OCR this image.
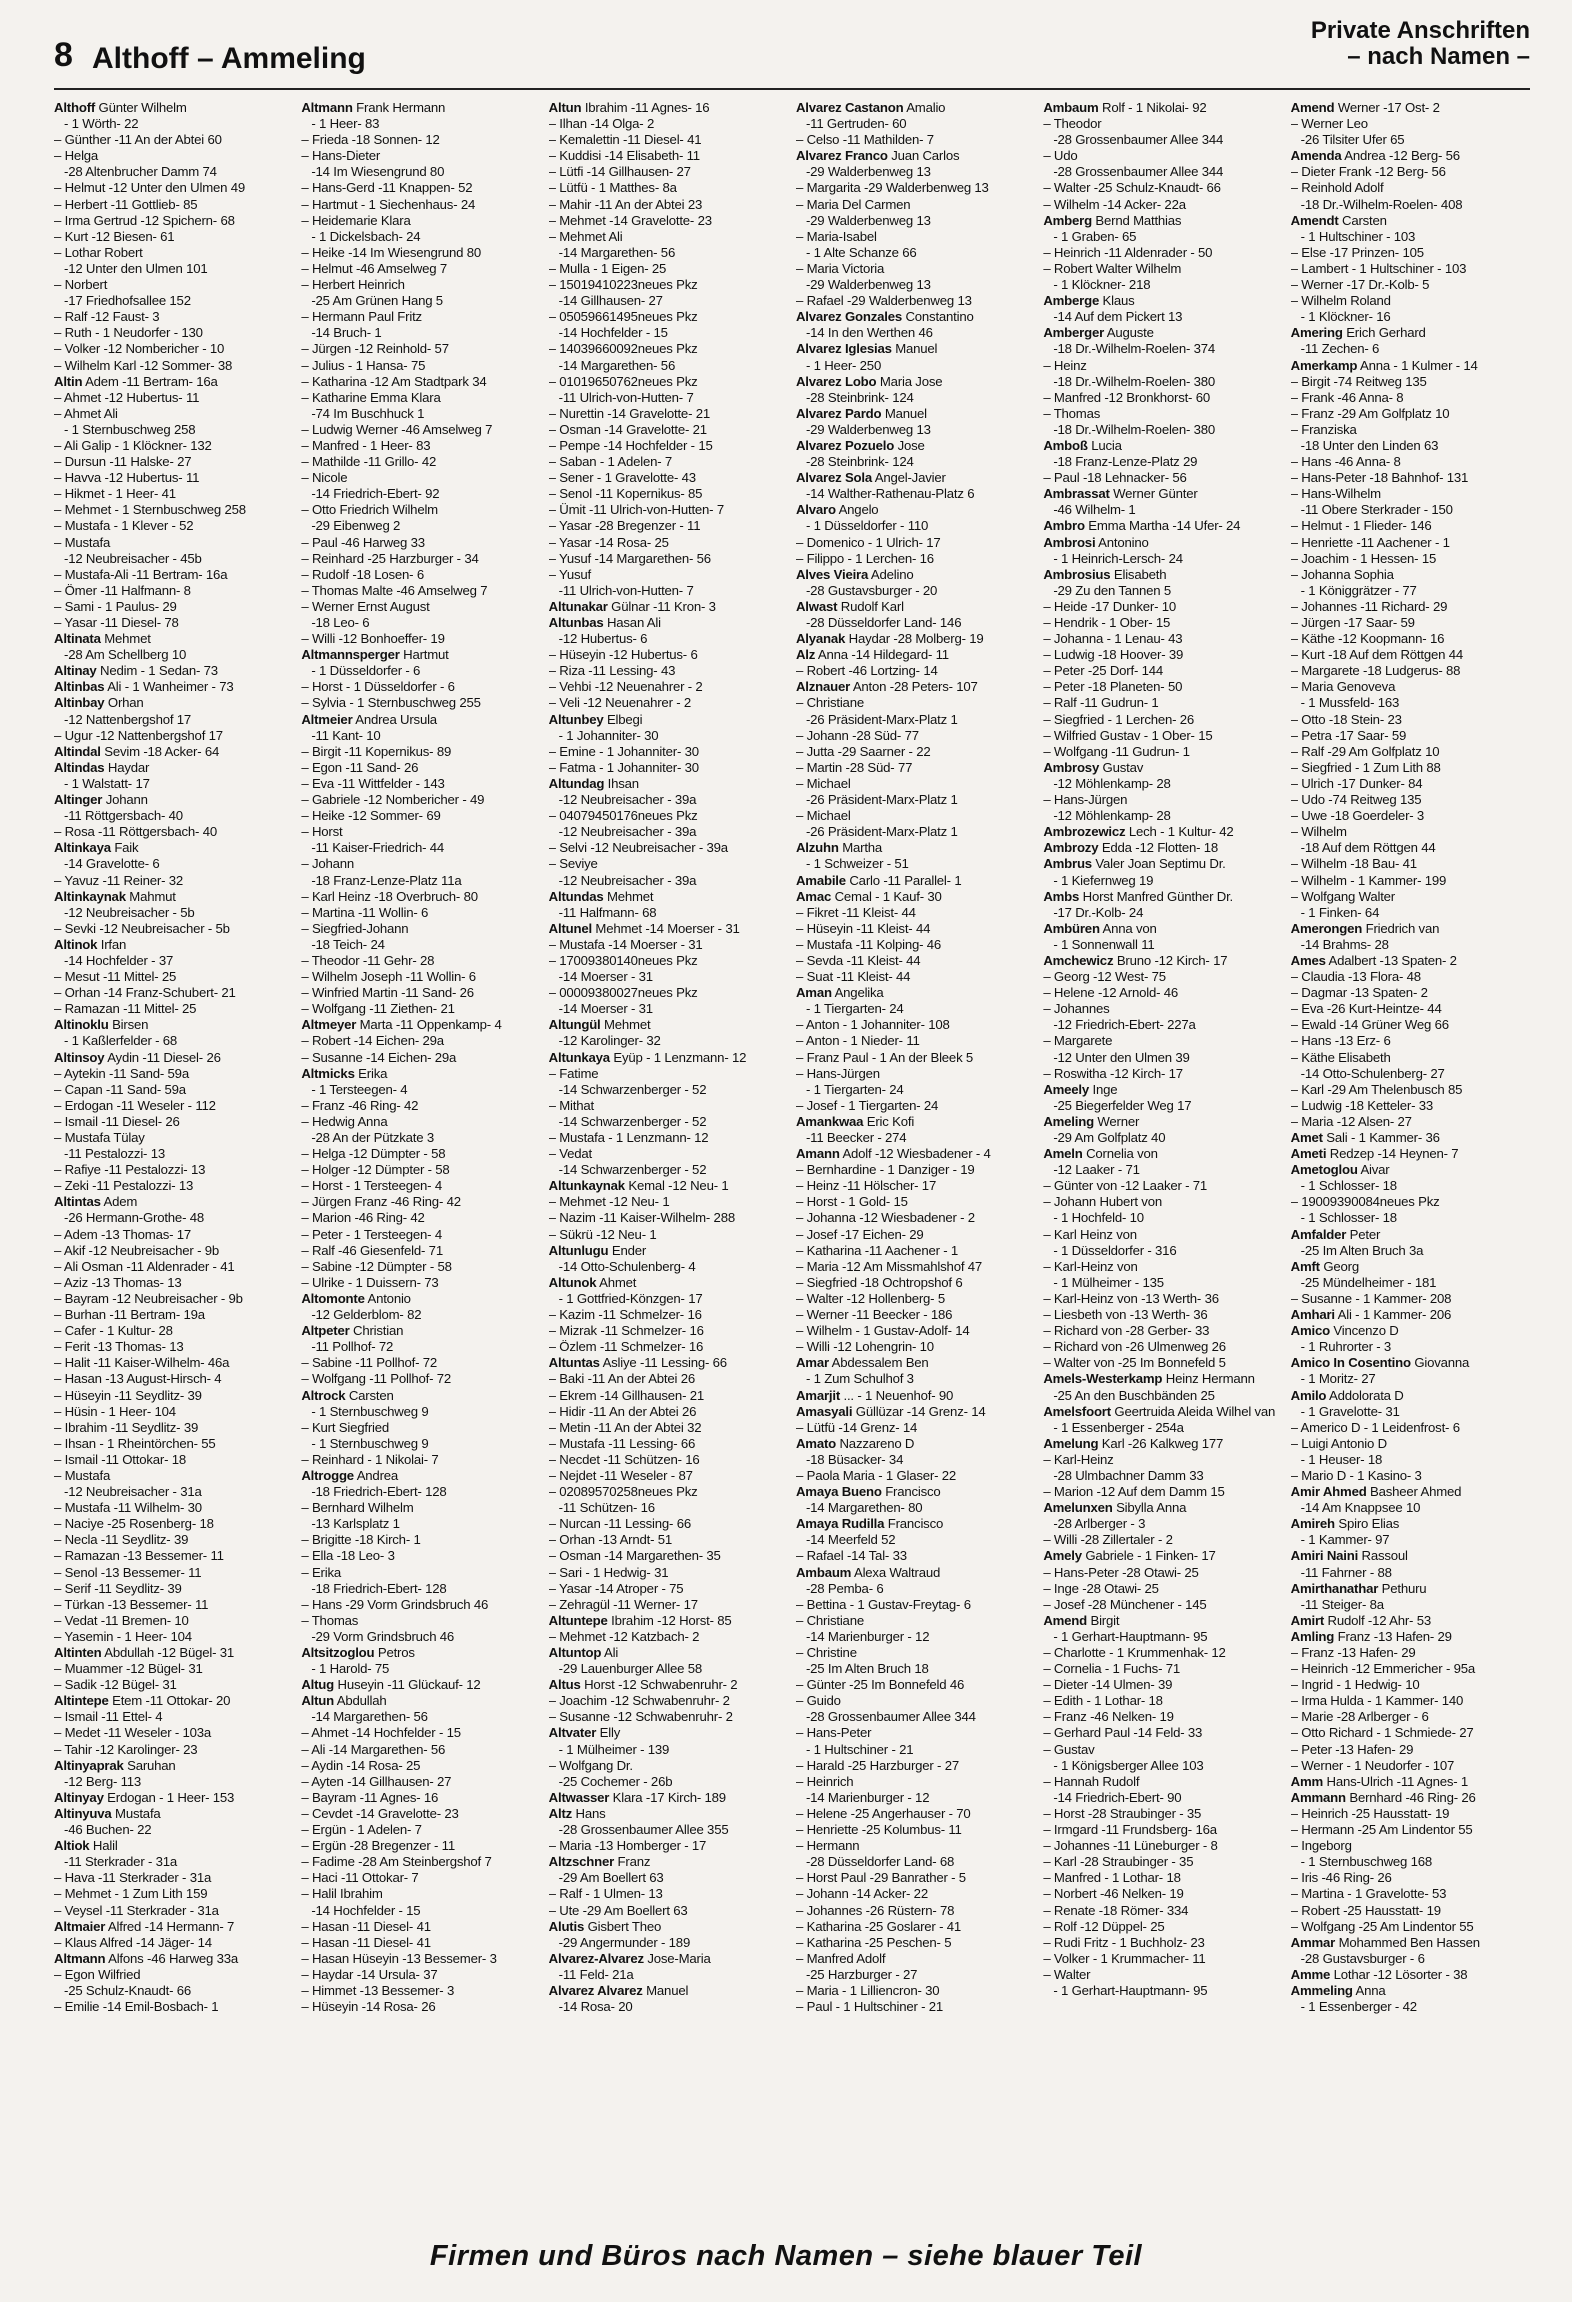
8 Althoff – Ammeling
Private Anschriften
– nach Namen –
Althoff Günter Wilhelm
- 1 Wörth- 22
– Günther -11 An der Abtei 60
– Helga
-28 Altenbrucher Damm 74
– Helmut -12 Unter den Ulmen 49
– Herbert -11 Gottlieb- 85
– Irma Gertrud -12 Spichern- 68
– Kurt -12 Biesen- 61
– Lothar Robert
-12 Unter den Ulmen 101
– Norbert
-17 Friedhofsallee 152
– Ralf -12 Faust- 3
– Ruth - 1 Neudorfer - 130
– Volker -12 Nombericher - 10
– Wilhelm Karl -12 Sommer- 38
Altin Adem -11 Bertram- 16a
– Ahmet -12 Hubertus- 11
– Ahmet Ali
- 1 Sternbuschweg 258
– Ali Galip - 1 Klöckner- 132
– Dursun -11 Halske- 27
– Havva -12 Hubertus- 11
– Hikmet - 1 Heer- 41
– Mehmet - 1 Sternbuschweg 258
– Mustafa - 1 Klever - 52
– Mustafa
-12 Neubreisacher - 45b
– Mustafa-Ali -11 Bertram- 16a
– Ömer -11 Halfmann- 8
– Sami - 1 Paulus- 29
– Yasar -11 Diesel- 78
Altinata Mehmet
-28 Am Schellberg 10
Altinay Nedim - 1 Sedan- 73
Altinbas Ali - 1 Wanheimer - 73
Altinbay Orhan
-12 Nattenbergshof 17
– Ugur -12 Nattenbergshof 17
Altindal Sevim -18 Acker- 64
Altindas Haydar
- 1 Walstatt- 17
Altinger Johann
-11 Röttgersbach- 40
– Rosa -11 Röttgersbach- 40
Altinkaya Faik
-14 Gravelotte- 6
– Yavuz -11 Reiner- 32
Altinkaynak Mahmut
-12 Neubreisacher - 5b
– Sevki -12 Neubreisacher - 5b
Altinok Irfan
-14 Hochfelder - 37
– Mesut -11 Mittel- 25
– Orhan -14 Franz-Schubert- 21
– Ramazan -11 Mittel- 25
Altinoklu Birsen
- 1 Kaßlerfelder - 68
Altinsoy Aydin -11 Diesel- 26
– Aytekin -11 Sand- 59a
– Capan -11 Sand- 59a
– Erdogan -11 Weseler - 112
– Ismail -11 Diesel- 26
– Mustafa Tülay
-11 Pestalozzi- 13
– Rafiye -11 Pestalozzi- 13
– Zeki -11 Pestalozzi- 13
Altintas Adem
-26 Hermann-Grothe- 48
– Adem -13 Thomas- 17
– Akif -12 Neubreisacher - 9b
– Ali Osman -11 Aldenrader - 41
– Aziz -13 Thomas- 13
– Bayram -12 Neubreisacher - 9b
– Burhan -11 Bertram- 19a
– Cafer - 1 Kultur- 28
– Ferit -13 Thomas- 13
– Halit -11 Kaiser-Wilhelm- 46a
– Hasan -13 August-Hirsch- 4
– Hüseyin -11 Seydlitz- 39
– Hüsin - 1 Heer- 104
– Ibrahim -11 Seydlitz- 39
– Ihsan - 1 Rheintörchen- 55
– Ismail -11 Ottokar- 18
– Mustafa
-12 Neubreisacher - 31a
– Mustafa -11 Wilhelm- 30
– Naciye -25 Rosenberg- 18
– Necla -11 Seydlitz- 39
– Ramazan -13 Bessemer- 11
– Senol -13 Bessemer- 11
– Serif -11 Seydlitz- 39
– Türkan -13 Bessemer- 11
– Vedat -11 Bremen- 10
– Yasemin - 1 Heer- 104
Altinten Abdullah -12 Bügel- 31
– Muammer -12 Bügel- 31
– Sadik -12 Bügel- 31
Altintepe Etem -11 Ottokar- 20
– Ismail -11 Ettel- 4
– Medet -11 Weseler - 103a
– Tahir -12 Karolinger- 23
Altinyaprak Saruhan
-12 Berg- 113
Altinyay Erdogan - 1 Heer- 153
Altinyuva Mustafa
-46 Buchen- 22
Altiok Halil
-11 Sterkrader - 31a
– Hava -11 Sterkrader - 31a
– Mehmet - 1 Zum Lith 159
– Veysel -11 Sterkrader - 31a
Altmaier Alfred -14 Hermann- 7
– Klaus Alfred -14 Jäger- 14
Altmann Alfons -46 Harweg 33a
– Egon Wilfried
-25 Schulz-Knaudt- 66
– Emilie -14 Emil-Bosbach- 1
Altmann Frank Hermann
- 1 Heer- 83
– Frieda -18 Sonnen- 12
– Hans-Dieter
-14 Im Wiesengrund 80
– Hans-Gerd -11 Knappen- 52
– Hartmut - 1 Siechenhaus- 24
– Heidemarie Klara
- 1 Dickelsbach- 24
– Heike -14 Im Wiesengrund 80
– Helmut -46 Amselweg 7
– Herbert Heinrich
-25 Am Grünen Hang 5
– Hermann Paul Fritz
-14 Bruch- 1
– Jürgen -12 Reinhold- 57
– Julius - 1 Hansa- 75
– Katharina -12 Am Stadtpark 34
– Katharine Emma Klara
-74 Im Buschhuck 1
– Ludwig Werner -46 Amselweg 7
– Manfred - 1 Heer- 83
– Mathilde -11 Grillo- 42
– Nicole
-14 Friedrich-Ebert- 92
– Otto Friedrich Wilhelm
-29 Eibenweg 2
– Paul -46 Harweg 33
– Reinhard -25 Harzburger - 34
– Rudolf -18 Losen- 6
– Thomas Malte -46 Amselweg 7
– Werner Ernst August
-18 Leo- 6
– Willi -12 Bonhoeffer- 19
Altmannsperger Hartmut
- 1 Düsseldorfer - 6
– Horst - 1 Düsseldorfer - 6
– Sylvia - 1 Sternbuschweg 255
Altmeier Andrea Ursula
-11 Kant- 10
– Birgit -11 Kopernikus- 89
– Egon -11 Sand- 26
– Eva -11 Wittfelder - 143
– Gabriele -12 Nombericher - 49
– Heike -12 Sommer- 69
– Horst
-11 Kaiser-Friedrich- 44
– Johann
-18 Franz-Lenze-Platz 11a
– Karl Heinz -18 Overbruch- 80
– Martina -11 Wollin- 6
– Siegfried-Johann
-18 Teich- 24
– Theodor -11 Gehr- 28
– Wilhelm Joseph -11 Wollin- 6
– Winfried Martin -11 Sand- 26
– Wolfgang -11 Ziethen- 21
Altmeyer Marta -11 Oppenkamp- 4
– Robert -14 Eichen- 29a
– Susanne -14 Eichen- 29a
Altmicks Erika
- 1 Tersteegen- 4
– Franz -46 Ring- 42
– Hedwig Anna
-28 An der Pützkate 3
– Helga -12 Dümpter - 58
– Holger -12 Dümpter - 58
– Horst - 1 Tersteegen- 4
– Jürgen Franz -46 Ring- 42
– Marion -46 Ring- 42
– Peter - 1 Tersteegen- 4
– Ralf -46 Giesenfeld- 71
– Sabine -12 Dümpter - 58
– Ulrike - 1 Duissern- 73
Altomonte Antonio
-12 Gelderblom- 82
Altpeter Christian
-11 Pollhof- 72
– Sabine -11 Pollhof- 72
– Wolfgang -11 Pollhof- 72
Altrock Carsten
- 1 Sternbuschweg 9
– Kurt Siegfried
- 1 Sternbuschweg 9
– Reinhard - 1 Nikolai- 7
Altrogge Andrea
-18 Friedrich-Ebert- 128
– Bernhard Wilhelm
-13 Karlsplatz 1
– Brigitte -18 Kirch- 1
– Ella -18 Leo- 3
– Erika
-18 Friedrich-Ebert- 128
– Hans -29 Vorm Grindsbruch 46
– Thomas
-29 Vorm Grindsbruch 46
Altsitzoglou Petros
- 1 Harold- 75
Altug Huseyin -11 Glückauf- 12
Altun Abdullah
-14 Margarethen- 56
– Ahmet -14 Hochfelder - 15
– Ali -14 Margarethen- 56
– Aydin -14 Rosa- 25
– Ayten -14 Gillhausen- 27
– Bayram -11 Agnes- 16
– Cevdet -14 Gravelotte- 23
– Ergün - 1 Adelen- 7
– Ergün -28 Bregenzer - 11
– Fadime -28 Am Steinbergshof 7
– Haci -11 Ottokar- 7
– Halil Ibrahim
-14 Hochfelder - 15
– Hasan -11 Diesel- 41
– Hasan -11 Diesel- 41
– Hasan Hüseyin -13 Bessemer- 3
– Haydar -14 Ursula- 37
– Himmet -13 Bessemer- 3
– Hüseyin -14 Rosa- 26
Altun Ibrahim -11 Agnes- 16
– Ilhan -14 Olga- 2
– Kemalettin -11 Diesel- 41
– Kuddisi -14 Elisabeth- 11
– Lütfi -14 Gillhausen- 27
– Lütfü - 1 Matthes- 8a
– Mahir -11 An der Abtei 23
– Mehmet -14 Gravelotte- 23
– Mehmet Ali
-14 Margarethen- 56
– Mulla - 1 Eigen- 25
– 15019410223neues Pkz
-14 Gillhausen- 27
– 05059661495neues Pkz
-14 Hochfelder - 15
– 14039660092neues Pkz
-14 Margarethen- 56
– 01019650762neues Pkz
-11 Ulrich-von-Hutten- 7
– Nurettin -14 Gravelotte- 21
– Osman -14 Gravelotte- 21
– Pempe -14 Hochfelder - 15
– Saban - 1 Adelen- 7
– Sener - 1 Gravelotte- 43
– Senol -11 Kopernikus- 85
– Ümit -11 Ulrich-von-Hutten- 7
– Yasar -28 Bregenzer - 11
– Yasar -14 Rosa- 25
– Yusuf -14 Margarethen- 56
– Yusuf
-11 Ulrich-von-Hutten- 7
Altunakar Gülnar -11 Kron- 3
Altunbas Hasan Ali
-12 Hubertus- 6
– Hüseyin -12 Hubertus- 6
– Riza -11 Lessing- 43
– Vehbi -12 Neuenahrer - 2
– Veli -12 Neuenahrer - 2
Altunbey Elbegi
- 1 Johanniter- 30
– Emine - 1 Johanniter- 30
– Fatma - 1 Johanniter- 30
Altundag Ihsan
-12 Neubreisacher - 39a
– 04079450176neues Pkz
-12 Neubreisacher - 39a
– Selvi -12 Neubreisacher - 39a
– Seviye
-12 Neubreisacher - 39a
Altundas Mehmet
-11 Halfmann- 68
Altunel Mehmet -14 Moerser - 31
– Mustafa -14 Moerser - 31
– 17009380140neues Pkz
-14 Moerser - 31
– 00009380027neues Pkz
-14 Moerser - 31
Altungül Mehmet
-12 Karolinger- 32
Altunkaya Eyüp - 1 Lenzmann- 12
– Fatime
-14 Schwarzenberger - 52
– Mithat
-14 Schwarzenberger - 52
– Mustafa - 1 Lenzmann- 12
– Vedat
-14 Schwarzenberger - 52
Altunkaynak Kemal -12 Neu- 1
– Mehmet -12 Neu- 1
– Nazim -11 Kaiser-Wilhelm- 288
– Sükrü -12 Neu- 1
Altunlugu Ender
-14 Otto-Schulenberg- 4
Altunok Ahmet
- 1 Gottfried-Könzgen- 17
– Kazim -11 Schmelzer- 16
– Mizrak -11 Schmelzer- 16
– Özlem -11 Schmelzer- 16
Altuntas Asliye -11 Lessing- 66
– Baki -11 An der Abtei 26
– Ekrem -14 Gillhausen- 21
– Hidir -11 An der Abtei 26
– Metin -11 An der Abtei 32
– Mustafa -11 Lessing- 66
– Necdet -11 Schützen- 16
– Nejdet -11 Weseler - 87
– 02089570258neues Pkz
-11 Schützen- 16
– Nurcan -11 Lessing- 66
– Orhan -13 Arndt- 51
– Osman -14 Margarethen- 35
– Sari - 1 Hedwig- 31
– Yasar -14 Atroper - 75
– Zehragül -11 Werner- 17
Altuntepe Ibrahim -12 Horst- 85
– Mehmet -12 Katzbach- 2
Altuntop Ali
-29 Lauenburger Allee 58
Altus Horst -12 Schwabenruhr- 2
– Joachim -12 Schwabenruhr- 2
– Susanne -12 Schwabenruhr- 2
Altvater Elly
- 1 Mülheimer - 139
– Wolfgang Dr.
-25 Cochemer - 26b
Altwasser Klara -17 Kirch- 189
Altz Hans
-28 Grossenbaumer Allee 355
– Maria -13 Homberger - 17
Altzschner Franz
-29 Am Boellert 63
– Ralf - 1 Ulmen- 13
– Ute -29 Am Boellert 63
Alutis Gisbert Theo
-29 Angermunder - 189
Alvarez-Alvarez Jose-Maria
-11 Feld- 21a
Alvarez Alvarez Manuel
-14 Rosa- 20
Alvarez Castanon Amalio
-11 Gertruden- 60
– Celso -11 Mathilden- 7
Alvarez Franco Juan Carlos
-29 Walderbenweg 13
– Margarita -29 Walderbenweg 13
– Maria Del Carmen
-29 Walderbenweg 13
– Maria-Isabel
- 1 Alte Schanze 66
– Maria Victoria
-29 Walderbenweg 13
– Rafael -29 Walderbenweg 13
Alvarez Gonzales Constantino
-14 In den Werthen 46
Alvarez Iglesias Manuel
- 1 Heer- 250
Alvarez Lobo Maria Jose
-28 Steinbrink- 124
Alvarez Pardo Manuel
-29 Walderbenweg 13
Alvarez Pozuelo Jose
-28 Steinbrink- 124
Alvarez Sola Angel-Javier
-14 Walther-Rathenau-Platz 6
Alvaro Angelo
- 1 Düsseldorfer - 110
– Domenico - 1 Ulrich- 17
– Filippo - 1 Lerchen- 16
Alves Vieira Adelino
-28 Gustavsburger - 20
Alwast Rudolf Karl
-28 Düsseldorfer Land- 146
Alyanak Haydar -28 Molberg- 19
Alz Anna -14 Hildegard- 11
– Robert -46 Lortzing- 14
Alznauer Anton -28 Peters- 107
– Christiane
-26 Präsident-Marx-Platz 1
– Johann -28 Süd- 77
– Jutta -29 Saarner - 22
– Martin -28 Süd- 77
– Michael
-26 Präsident-Marx-Platz 1
– Michael
-26 Präsident-Marx-Platz 1
Alzuhn Martha
- 1 Schweizer - 51
Amabile Carlo -11 Parallel- 1
Amac Cemal - 1 Kauf- 30
– Fikret -11 Kleist- 44
– Hüseyin -11 Kleist- 44
– Mustafa -11 Kolping- 46
– Sevda -11 Kleist- 44
– Suat -11 Kleist- 44
Aman Angelika
- 1 Tiergarten- 24
– Anton - 1 Johanniter- 108
– Anton - 1 Nieder- 11
– Franz Paul - 1 An der Bleek 5
– Hans-Jürgen
- 1 Tiergarten- 24
– Josef - 1 Tiergarten- 24
Amankwaa Eric Kofi
-11 Beecker - 274
Amann Adolf -12 Wiesbadener - 4
– Bernhardine - 1 Danziger - 19
– Heinz -11 Hölscher- 17
– Horst - 1 Gold- 15
– Johanna -12 Wiesbadener - 2
– Josef -17 Eichen- 29
– Katharina -11 Aachener - 1
– Maria -12 Am Missmahlshof 47
– Siegfried -18 Ochtropshof 6
– Walter -12 Hollenberg- 5
– Werner -11 Beecker - 186
– Wilhelm - 1 Gustav-Adolf- 14
– Willi -12 Lohengrin- 10
Amar Abdessalem Ben
- 1 Zum Schulhof 3
Amarjit ... - 1 Neuenhof- 90
Amasyali Güllüzar -14 Grenz- 14
– Lütfü -14 Grenz- 14
Amato Nazzareno D
-18 Büsacker- 34
– Paola Maria - 1 Glaser- 22
Amaya Bueno Francisco
-14 Margarethen- 80
Amaya Rudilla Francisco
-14 Meerfeld 52
– Rafael -14 Tal- 33
Ambaum Alexa Waltraud
-28 Pemba- 6
– Bettina - 1 Gustav-Freytag- 6
– Christiane
-14 Marienburger - 12
– Christine
-25 Im Alten Bruch 18
– Günter -25 Im Bonnefeld 46
– Guido
-28 Grossenbaumer Allee 344
– Hans-Peter
- 1 Hultschiner - 21
– Harald -25 Harzburger - 27
– Heinrich
-14 Marienburger - 12
– Helene -25 Angerhauser - 70
– Henriette -25 Kolumbus- 11
– Hermann
-28 Düsseldorfer Land- 68
– Horst Paul -29 Banrather - 5
– Johann -14 Acker- 22
– Johannes -26 Rüstern- 78
– Katharina -25 Goslarer - 41
– Katharina -25 Peschen- 5
– Manfred Adolf
-25 Harzburger - 27
– Maria - 1 Lilliencron- 30
– Paul - 1 Hultschiner - 21
Ambaum Rolf - 1 Nikolai- 92
– Theodor
-28 Grossenbaumer Allee 344
– Udo
-28 Grossenbaumer Allee 344
– Walter -25 Schulz-Knaudt- 66
– Wilhelm -14 Acker- 22a
Amberg Bernd Matthias
- 1 Graben- 65
– Heinrich -11 Aldenrader - 50
– Robert Walter Wilhelm
- 1 Klöckner- 218
Amberge Klaus
-14 Auf dem Pickert 13
Amberger Auguste
-18 Dr.-Wilhelm-Roelen- 374
– Heinz
-18 Dr.-Wilhelm-Roelen- 380
– Manfred -12 Bronkhorst- 60
– Thomas
-18 Dr.-Wilhelm-Roelen- 380
Amboß Lucia
-18 Franz-Lenze-Platz 29
– Paul -18 Lehnacker- 56
Ambrassat Werner Günter
-46 Wilhelm- 1
Ambro Emma Martha -14 Ufer- 24
Ambrosi Antonino
- 1 Heinrich-Lersch- 24
Ambrosius Elisabeth
-29 Zu den Tannen 5
– Heide -17 Dunker- 10
– Hendrik - 1 Ober- 15
– Johanna - 1 Lenau- 43
– Ludwig -18 Hoover- 39
– Peter -25 Dorf- 144
– Peter -18 Planeten- 50
– Ralf -11 Gudrun- 1
– Siegfried - 1 Lerchen- 26
– Wilfried Gustav - 1 Ober- 15
– Wolfgang -11 Gudrun- 1
Ambrosy Gustav
-12 Möhlenkamp- 28
– Hans-Jürgen
-12 Möhlenkamp- 28
Ambrozewicz Lech - 1 Kultur- 42
Ambrozy Edda -12 Flotten- 18
Ambrus Valer Joan Septimu Dr.
- 1 Kiefernweg 19
Ambs Horst Manfred Günther Dr.
-17 Dr.-Kolb- 24
Ambüren Anna von
- 1 Sonnenwall 11
Amchewicz Bruno -12 Kirch- 17
– Georg -12 West- 75
– Helene -12 Arnold- 46
– Johannes
-12 Friedrich-Ebert- 227a
– Margarete
-12 Unter den Ulmen 39
– Roswitha -12 Kirch- 17
Ameely Inge
-25 Biegerfelder Weg 17
Ameling Werner
-29 Am Golfplatz 40
Ameln Cornelia von
-12 Laaker - 71
– Günter von -12 Laaker - 71
– Johann Hubert von
- 1 Hochfeld- 10
– Karl Heinz von
- 1 Düsseldorfer - 316
– Karl-Heinz von
- 1 Mülheimer - 135
– Karl-Heinz von -13 Werth- 36
– Liesbeth von -13 Werth- 36
– Richard von -28 Gerber- 33
– Richard von -26 Ulmenweg 26
– Walter von -25 Im Bonnefeld 5
Amels-Westerkamp Heinz Hermann
-25 An den Buschbänden 25
Amelsfoort Geertruida Aleida Wilhel van
- 1 Essenberger - 254a
Amelung Karl -26 Kalkweg 177
– Karl-Heinz
-28 Ulmbachner Damm 33
– Marion -12 Auf dem Damm 15
Amelunxen Sibylla Anna
-28 Arlberger - 3
– Willi -28 Zillertaler - 2
Amely Gabriele - 1 Finken- 17
– Hans-Peter -28 Otawi- 25
– Inge -28 Otawi- 25
– Josef -28 Münchener - 145
Amend Birgit
- 1 Gerhart-Hauptmann- 95
– Charlotte - 1 Krummenhak- 12
– Cornelia - 1 Fuchs- 71
– Dieter -14 Ulmen- 39
– Edith - 1 Lothar- 18
– Franz -46 Nelken- 19
– Gerhard Paul -14 Feld- 33
– Gustav
- 1 Königsberger Allee 103
– Hannah Rudolf
-14 Friedrich-Ebert- 90
– Horst -28 Straubinger - 35
– Irmgard -11 Frundsberg- 16a
– Johannes -11 Lüneburger - 8
– Karl -28 Straubinger - 35
– Manfred - 1 Lothar- 18
– Norbert -46 Nelken- 19
– Renate -18 Römer- 334
– Rolf -12 Düppel- 25
– Rudi Fritz - 1 Buchholz- 23
– Volker - 1 Krummacher- 11
– Walter
- 1 Gerhart-Hauptmann- 95
Amend Werner -17 Ost- 2
– Werner Leo
-26 Tilsiter Ufer 65
Amenda Andrea -12 Berg- 56
– Dieter Frank -12 Berg- 56
– Reinhold Adolf
-18 Dr.-Wilhelm-Roelen- 408
Amendt Carsten
- 1 Hultschiner - 103
– Else -17 Prinzen- 105
– Lambert - 1 Hultschiner - 103
– Werner -17 Dr.-Kolb- 5
– Wilhelm Roland
- 1 Klöckner- 16
Amering Erich Gerhard
-11 Zechen- 6
Amerkamp Anna - 1 Kulmer - 14
– Birgit -74 Reitweg 135
– Frank -46 Anna- 8
– Franz -29 Am Golfplatz 10
– Franziska
-18 Unter den Linden 63
– Hans -46 Anna- 8
– Hans-Peter -18 Bahnhof- 131
– Hans-Wilhelm
-11 Obere Sterkrader - 150
– Helmut - 1 Flieder- 146
– Henriette -11 Aachener - 1
– Joachim - 1 Hessen- 15
– Johanna Sophia
- 1 Königgrätzer - 77
– Johannes -11 Richard- 29
– Jürgen -17 Saar- 59
– Käthe -12 Koopmann- 16
– Kurt -18 Auf dem Röttgen 44
– Margarete -18 Ludgerus- 88
– Maria Genoveva
- 1 Mussfeld- 163
– Otto -18 Stein- 23
– Petra -17 Saar- 59
– Ralf -29 Am Golfplatz 10
– Siegfried - 1 Zum Lith 88
– Ulrich -17 Dunker- 84
– Udo -74 Reitweg 135
– Uwe -18 Goerdeler- 3
– Wilhelm
-18 Auf dem Röttgen 44
– Wilhelm -18 Bau- 41
– Wilhelm - 1 Kammer- 199
– Wolfgang Walter
- 1 Finken- 64
Amerongen Friedrich van
-14 Brahms- 28
Ames Adalbert -13 Spaten- 2
– Claudia -13 Flora- 48
– Dagmar -13 Spaten- 2
– Eva -26 Kurt-Heintze- 44
– Ewald -14 Grüner Weg 66
– Hans -13 Erz- 6
– Käthe Elisabeth
-14 Otto-Schulenberg- 27
– Karl -29 Am Thelenbusch 85
– Ludwig -18 Ketteler- 33
– Maria -12 Alsen- 27
Amet Sali - 1 Kammer- 36
Ameti Redzep -14 Heynen- 7
Ametoglou Aivar
- 1 Schlosser- 18
– 19009390084neues Pkz
- 1 Schlosser- 18
Amfalder Peter
-25 Im Alten Bruch 3a
Amft Georg
-25 Mündelheimer - 181
– Susanne - 1 Kammer- 208
Amhari Ali - 1 Kammer- 206
Amico Vincenzo D
- 1 Ruhrorter - 3
Amico In Cosentino Giovanna
- 1 Moritz- 27
Amilo Addolorata D
- 1 Gravelotte- 31
– Americo D - 1 Leidenfrost- 6
– Luigi Antonio D
- 1 Heuser- 18
– Mario D - 1 Kasino- 3
Amir Ahmed Basheer Ahmed
-14 Am Knappsee 10
Amireh Spiro Elias
- 1 Kammer- 97
Amiri Naini Rassoul
-11 Fahrner - 88
Amirthanathar Pethuru
-11 Steiger- 8a
Amirt Rudolf -12 Ahr- 53
Amling Franz -13 Hafen- 29
– Franz -13 Hafen- 29
– Heinrich -12 Emmericher - 95a
– Ingrid - 1 Hedwig- 10
– Irma Hulda - 1 Kammer- 140
– Marie -28 Arlberger - 6
– Otto Richard - 1 Schmiede- 27
– Peter -13 Hafen- 29
– Werner - 1 Neudorfer - 107
Amm Hans-Ulrich -11 Agnes- 1
Ammann Bernhard -46 Ring- 26
– Heinrich -25 Hausstatt- 19
– Hermann -25 Am Lindentor 55
– Ingeborg
- 1 Sternbuschweg 168
– Iris -46 Ring- 26
– Martina - 1 Gravelotte- 53
– Robert -25 Hausstatt- 19
– Wolfgang -25 Am Lindentor 55
Ammar Mohammed Ben Hassen
-28 Gustavsburger - 6
Amme Lothar -12 Lösorter - 38
Ammeling Anna
- 1 Essenberger - 42
Firmen und Büros nach Namen – siehe blauer Teil
